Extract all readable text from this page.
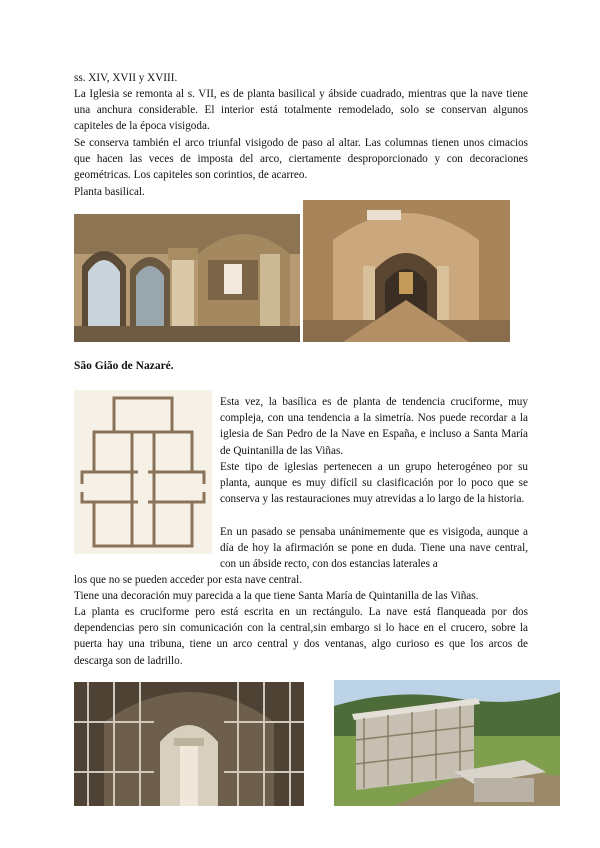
ss. XIV, XVII y XVIII.

La Iglesia se remonta al s. VII, es de planta basilical y ábside cuadrado, mientras que la nave tiene una anchura considerable. El interior está totalmente remodelado, solo se conservan algunos capiteles de la época visigoda.

Se conserva también el arco triunfal visigodo de paso al altar. Las columnas tienen unos cimacios que hacen las veces de imposta del arco, ciertamente desproporcionado y con decoraciones geométricas. Los capiteles son corintios, de acarreo.

Planta basilical.

São Gião de Nazaré.

Esta vez, la basílica es de planta de tendencia cruciforme, muy compleja, con una tendencia a la simetría. Nos puede recordar a la iglesia de San Pedro de la Nave en España, e incluso a Santa María de Quintanilla de las Viñas.

Este tipo de iglesias pertenecen a un grupo heterogéneo por su planta, aunque es muy difícil su clasificación por lo poco que se conserva y las restauraciones muy atrevidas a lo largo de la historia.

En un pasado se pensaba unánimemente que es visigoda, aunque a día de hoy la afirmación se pone en duda. Tiene una nave central, con un ábside recto, con dos estancias laterales a

los que no se pueden acceder por esta nave central.

Tiene una decoración muy parecida a la que tiene Santa María de Quintanilla de las Viñas.

La planta es cruciforme pero está escrita en un rectángulo. La nave está flanqueada por dos dependencias pero sin comunicación con la central,sin embargo si lo hace en el crucero, sobre la puerta hay una tribuna, tiene un arco central y dos ventanas, algo curioso es que los arcos de descarga son de ladrillo.
